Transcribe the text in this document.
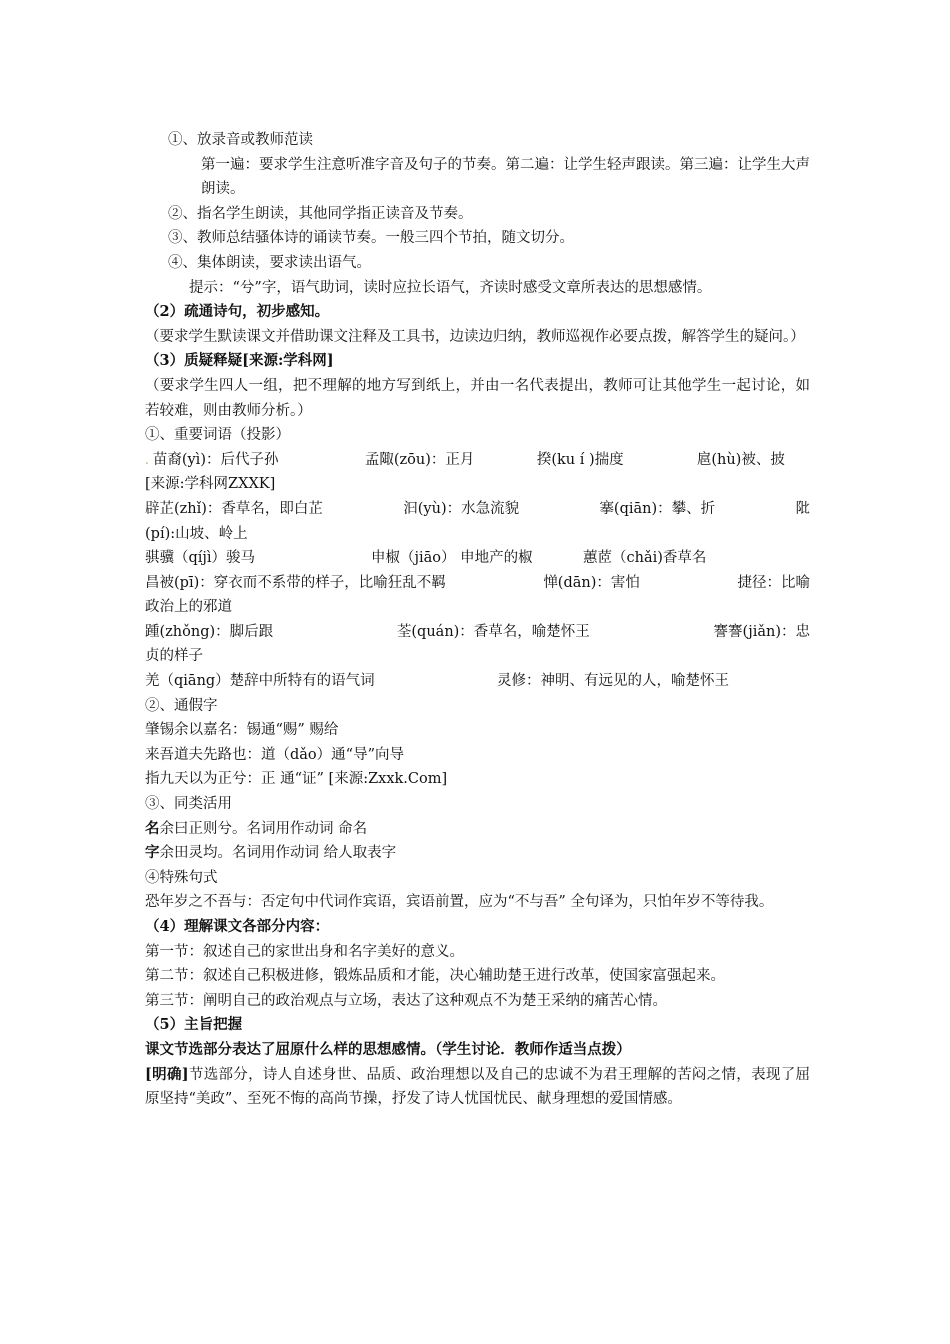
①、放录音或教师范读

第一遍：要求学生注意听准字音及句子的节奏。第二遍：让学生轻声跟读。第三遍：让学生大声朗读。

②、指名学生朗读，其他同学指正读音及节奏。

③、教师总结骚体诗的诵读节奏。一般三四个节拍，随文切分。

④、集体朗读，要求读出语气。

提示：“兮”字，语气助词，读时应拉长语气，齐读时感受文章所表达的思想感情。

（2）疏通诗句，初步感知。

（要求学生默读课文并借助课文注释及工具书，边读边归纳，教师巡视作必要点拨，解答学生的疑问。）

（3）质疑释疑[来源:学科网]

（要求学生四人一组，把不理解的地方写到纸上，并由一名代表提出，教师可让其他学生一起讨论，如若较难，则由教师分析。）

①、重要词语（投影）

. 苗裔(yì)：后代子孙	孟陬(zōu)：正月	揆(ku í )揣度	扈(hù)被、披

[来源:学科网ZXXK]

辟芷(zhǐ)：香草名，即白芷	汩(yù)：水急流貌	搴(qiān)：攀、折	阰

(pí):山坡、岭上

骐骥（qíjì）骏马	申椒（jiāo） 申地产的椒	蕙茝（chǎi)香草名
昌被(pī)：穿衣而不系带的样子，比喻狂乱不羁	惮(dān)：害怕	捷径：比喻

政治上的邪道

踵(zhǒng)：脚后跟	荃(quán)：香草名，喻楚怀王	謇謇(jiǎn)：忠

贞的样子

羌（qiāng）楚辞中所特有的语气词	灵修：神明、有远见的人，喻楚怀王

②、通假字

肇锡余以嘉名：锡通“赐” 赐给

来吾道夫先路也：道（dǎo）通“导”向导

指九天以为正兮：正 通“证” [来源:Zxxk.Com]

③、同类活用

名余曰正则兮。名词用作动词 命名

字余田灵均。名词用作动词 给人取表字

④特殊句式

恐年岁之不吾与：否定句中代词作宾语，宾语前置，应为“不与吾” 全句译为，只怕年岁不等待我。

（4）理解课文各部分内容：

第一节：叙述自己的家世出身和名字美好的意义。

第二节：叙述自己积极进修，锻炼品质和才能，决心辅助楚王进行改革，使国家富强起来。

第三节：阐明自己的政治观点与立场，表达了这种观点不为楚王采纳的痛苦心情。

（5）主旨把握

课文节选部分表达了屈原什么样的思想感情。（学生讨论．教师作适当点拨）

[明确]节选部分，诗人自述身世、品质、政治理想以及自己的忠诚不为君王理解的苦闷之情，表现了屈原坚持“美政”、至死不悔的高尚节操，抒发了诗人忧国忧民、献身理想的爱国情感。
